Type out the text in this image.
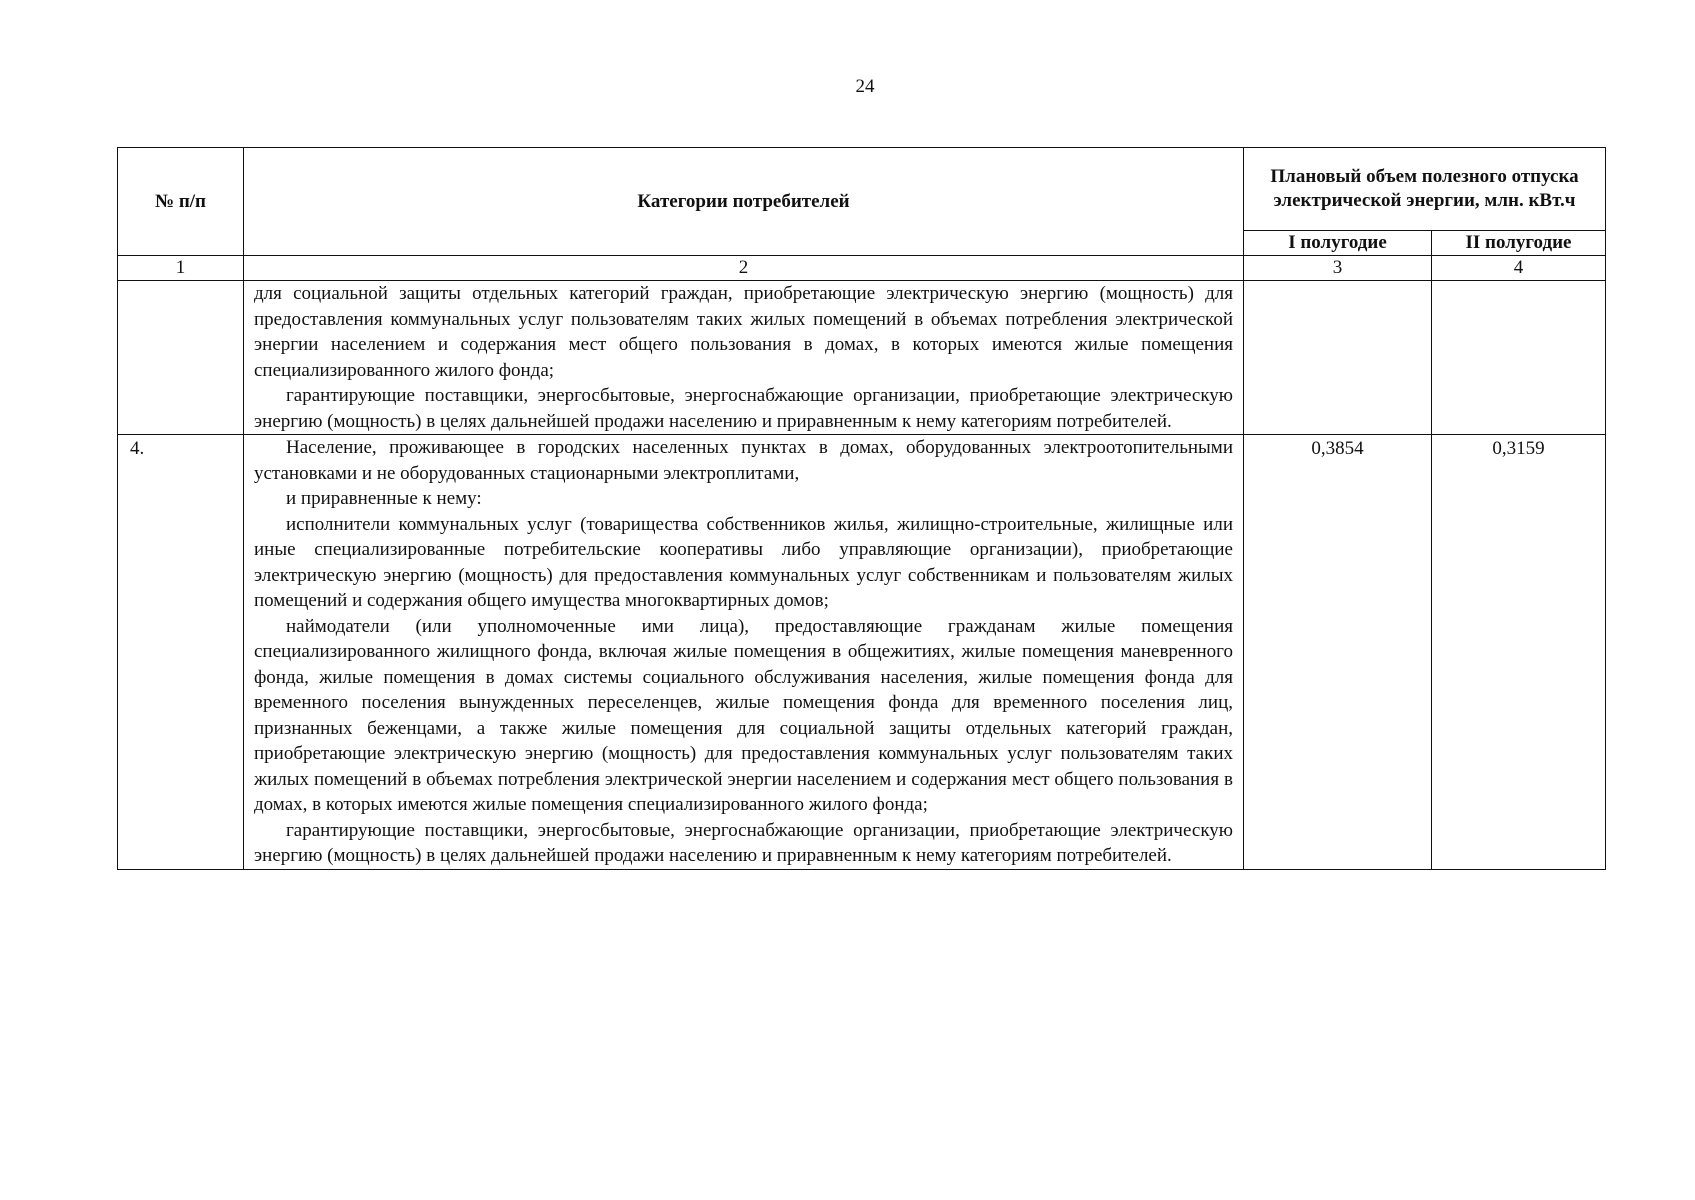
24
№ п/п	Категории потребителей	Плановый объем полезного отпуска электрической энергии, млн. кВт.ч	
		I полугодие	II полугодие
1	2	3	4

	для социальной защиты отдельных категорий граждан, приобретающие электрическую энергию (мощность) для предоставления коммунальных услуг пользователям таких жилых помещений в объемах потребления электрической энергии населением и содержания мест общего пользования в домах, в которых имеются жилые помещения специализированного жилого фонда;

гарантирующие поставщики, энергосбытовые, энергоснабжающие организации, приобретающие электрическую энергию (мощность) в целях дальнейшей продажи населению и приравненным к нему категориям потребителей.		

4.	Население, проживающее в городских населенных пунктах в домах, оборудованных электроотопительными установками и не оборудованных стационарными электроплитами,

и приравненные к нему:

исполнители коммунальных услуг (товарищества собственников жилья, жилищно-строительные, жилищные или иные специализированные потребительские кооперативы либо управляющие организации), приобретающие электрическую энергию (мощность) для предоставления коммунальных услуг собственникам и пользователям жилых помещений и содержания общего имущества многоквартирных домов;

наймодатели (или уполномоченные ими лица), предоставляющие гражданам жилые помещения специализированного жилищного фонда, включая жилые помещения в общежитиях, жилые помещения маневренного фонда, жилые помещения в домах системы социального обслуживания населения, жилые помещения фонда для временного поселения вынужденных переселенцев, жилые помещения фонда для временного поселения лиц, признанных беженцами, а также жилые помещения для социальной защиты отдельных категорий граждан, приобретающие электрическую энергию (мощность) для предоставления коммунальных услуг пользователям таких жилых помещений в объемах потребления электрической энергии населением и содержания мест общего пользования в домах, в которых имеются жилые помещения специализированного жилого фонда;

гарантирующие поставщики, энергосбытовые, энергоснабжающие организации, приобретающие электрическую энергию (мощность) в целях дальнейшей продажи населению и приравненным к нему категориям потребителей.	0,3854	0,3159
